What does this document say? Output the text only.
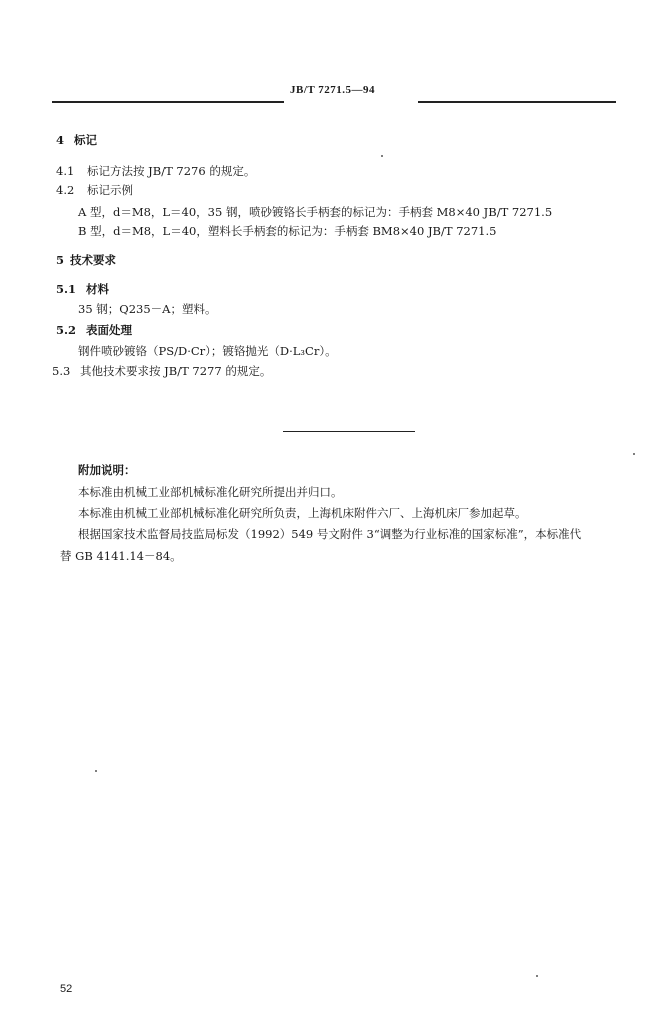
JB/T 7271.5—94
4 标记
4.1 标记方法按 JB/T 7276 的规定。
4.2 标记示例
A 型，d＝M8，L＝40，35 钢，喷砂镀铬长手柄套的标记为：手柄套 M8×40 JB/T 7271.5
B 型，d＝M8，L＝40，塑料长手柄套的标记为：手柄套 BM8×40 JB/T 7271.5
5 技术要求
5.1 材料
35 钢；Q235－A；塑料。
5.2 表面处理
钢件喷砂镀铬（PS/D·Cr）；镀铬抛光（D·L₃Cr）。
5.3 其他技术要求按 JB/T 7277 的规定。
附加说明：
本标准由机械工业部机械标准化研究所提出并归口。
本标准由机械工业部机械标准化研究所负责，上海机床附件六厂、上海机床厂参加起草。
根据国家技术监督局技监局标发（1992）549 号文附件 3“调整为行业标准的国家标准”，本标准代
替 GB 4141.14－84。
52
